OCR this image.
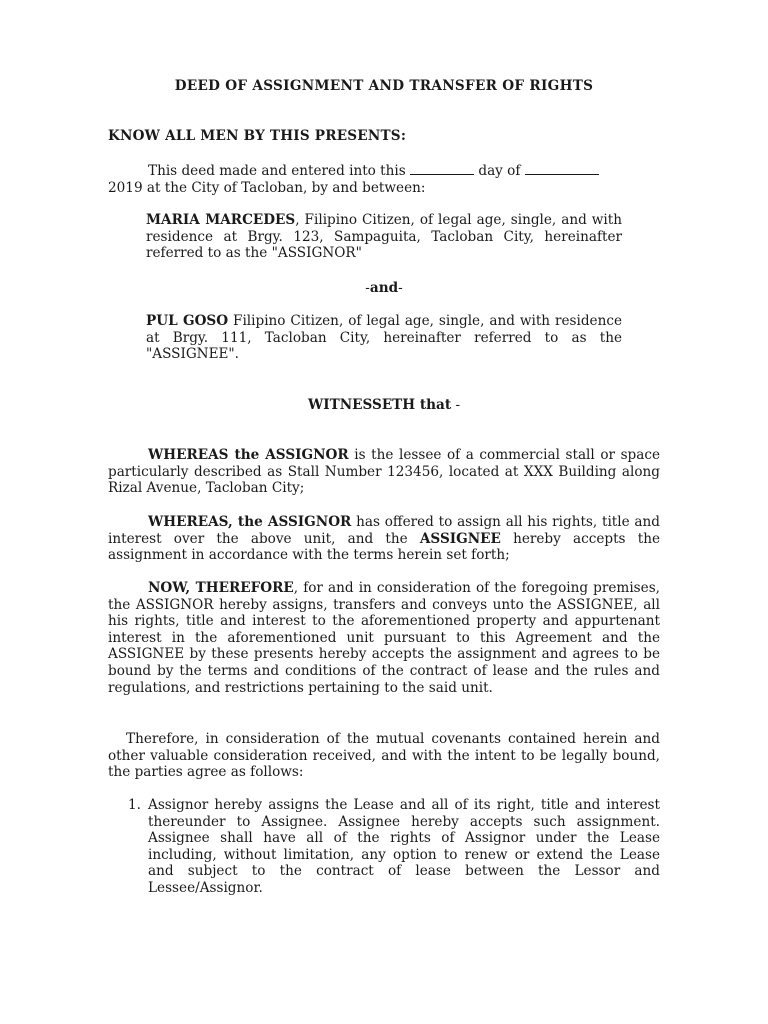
DEED OF ASSIGNMENT AND TRANSFER OF RIGHTS

KNOW ALL MEN BY THIS PRESENTS:

This deed made and entered into this	day of
2019 at the City of Tacloban, by and between:

MARIA MARCEDES, Filipino Citizen, of legal age, single, and with residence at Brgy. 123, Sampaguita, Tacloban City, hereinafter referred to as the "ASSIGNOR"

-and-

PUL GOSO Filipino Citizen, of legal age, single, and with residence at Brgy. 111, Tacloban City, hereinafter referred to as the "ASSIGNEE".

WITNESSETH that -

WHEREAS the ASSIGNOR is the lessee of a commercial stall or space particularly described as Stall Number 123456, located at XXX Building along Rizal Avenue, Tacloban City;

WHEREAS, the ASSIGNOR has offered to assign all his rights, title and interest over the above unit, and the ASSIGNEE hereby accepts the assignment in accordance with the terms herein set forth;

NOW, THEREFORE, for and in consideration of the foregoing premises, the ASSIGNOR hereby assigns, transfers and conveys unto the ASSIGNEE, all his rights, title and interest to the aforementioned property and appurtenant interest in the aforementioned unit pursuant to this Agreement and the ASSIGNEE by these presents hereby accepts the assignment and agrees to be bound by the terms and conditions of the contract of lease and the rules and regulations, and restrictions pertaining to the said unit.

Therefore, in consideration of the mutual covenants contained herein and other valuable consideration received, and with the intent to be legally bound, the parties agree as follows:

1. Assignor hereby assigns the Lease and all of its right, title and interest thereunder to Assignee. Assignee hereby accepts such assignment. Assignee shall have all of the rights of Assignor under the Lease including, without limitation, any option to renew or extend the Lease and subject to the contract of lease between the Lessor and Lessee/Assignor.
